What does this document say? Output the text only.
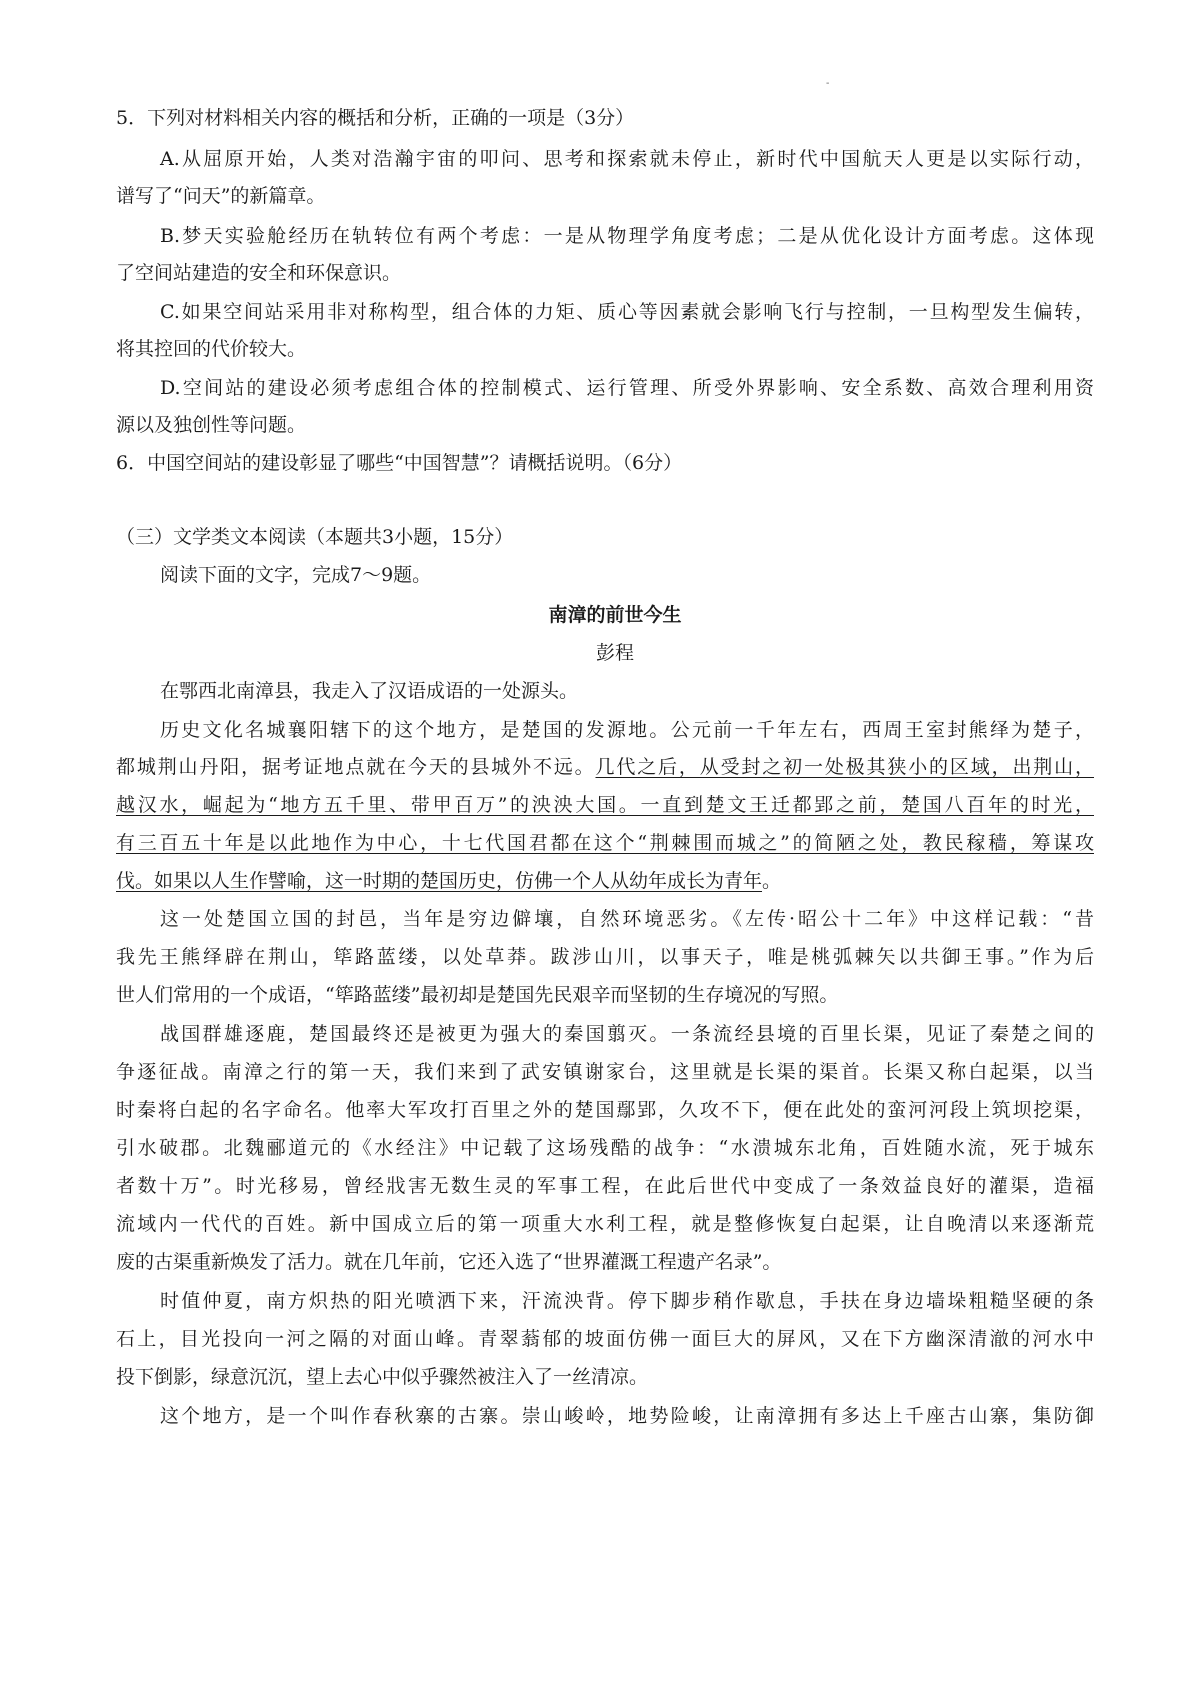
-
5．下列对材料相关内容的概括和分析，正确的一项是（3分）
A.从屈原开始，人类对浩瀚宇宙的叩问、思考和探索就未停止，新时代中国航天人更是以实际行动，
谱写了“问天”的新篇章。
B.梦天实验舱经历在轨转位有两个考虑：一是从物理学角度考虑；二是从优化设计方面考虑。这体现
了空间站建造的安全和环保意识。
C.如果空间站采用非对称构型，组合体的力矩、质心等因素就会影响飞行与控制，一旦构型发生偏转，
将其控回的代价较大。
D.空间站的建设必须考虑组合体的控制模式、运行管理、所受外界影响、安全系数、高效合理利用资
源以及独创性等问题。
6．中国空间站的建设彰显了哪些“中国智慧”？请概括说明。（6分）
（三）文学类文本阅读（本题共3小题，15分）
阅读下面的文字，完成7～9题。
南漳的前世今生
彭程
在鄂西北南漳县，我走入了汉语成语的一处源头。
历史文化名城襄阳辖下的这个地方，是楚国的发源地。公元前一千年左右，西周王室封熊绎为楚子，
都城荆山丹阳，据考证地点就在今天的县城外不远。几代之后，从受封之初一处极其狭小的区域，出荆山，
越汉水，崛起为“地方五千里、带甲百万”的泱泱大国。一直到楚文王迁都郢之前，楚国八百年的时光，
有三百五十年是以此地作为中心，十七代国君都在这个“荆棘围而城之”的简陋之处，教民稼穑，筹谋攻
伐。如果以人生作譬喻，这一时期的楚国历史，仿佛一个人从幼年成长为青年。
这一处楚国立国的封邑，当年是穷边僻壤，自然环境恶劣。《左传·昭公十二年》中这样记载：“昔
我先王熊绎辟在荆山，筚路蓝缕，以处草莽。跋涉山川，以事天子，唯是桃弧棘矢以共御王事。”作为后
世人们常用的一个成语，“筚路蓝缕”最初却是楚国先民艰辛而坚韧的生存境况的写照。
战国群雄逐鹿，楚国最终还是被更为强大的秦国翦灭。一条流经县境的百里长渠，见证了秦楚之间的
争逐征战。南漳之行的第一天，我们来到了武安镇谢家台，这里就是长渠的渠首。长渠又称白起渠，以当
时秦将白起的名字命名。他率大军攻打百里之外的楚国鄢郢，久攻不下，便在此处的蛮河河段上筑坝挖渠，
引水破郡。北魏郦道元的《水经注》中记载了这场残酷的战争：“水溃城东北角，百姓随水流，死于城东
者数十万”。时光移易，曾经戕害无数生灵的军事工程，在此后世代中变成了一条效益良好的灌渠，造福
流域内一代代的百姓。新中国成立后的第一项重大水利工程，就是整修恢复白起渠，让自晚清以来逐渐荒
废的古渠重新焕发了活力。就在几年前，它还入选了“世界灌溉工程遗产名录”。
时值仲夏，南方炽热的阳光喷洒下来，汗流泱背。停下脚步稍作歇息，手扶在身边墙垛粗糙坚硬的条
石上，目光投向一河之隔的对面山峰。青翠蓊郁的坡面仿佛一面巨大的屏风，又在下方幽深清澈的河水中
投下倒影，绿意沉沉，望上去心中似乎骤然被注入了一丝清凉。
这个地方，是一个叫作春秋寨的古寨。崇山峻岭，地势险峻，让南漳拥有多达上千座古山寨，集防御
